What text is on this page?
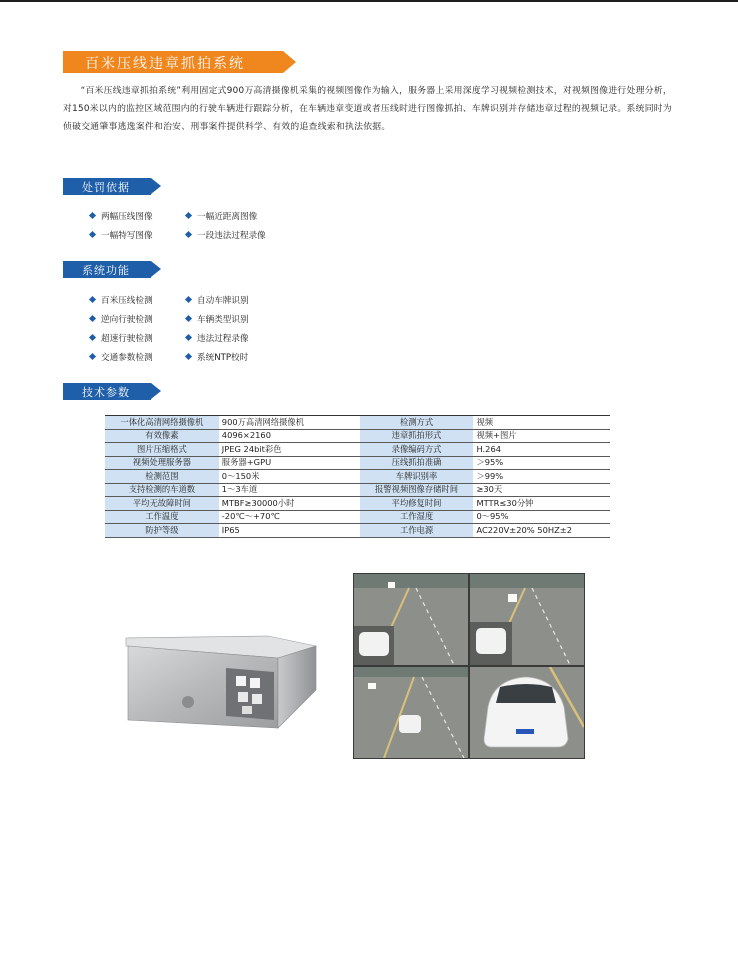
百米压线违章抓拍系统
“百米压线违章抓拍系统”利用固定式900万高清摄像机采集的视频图像作为输入，服务器上采用深度学习视频检测技术，对视频图像进行处理分析，对150米以内的监控区域范围内的行驶车辆进行跟踪分析，在车辆违章变道或者压线时进行图像抓拍、车牌识别并存储违章过程的视频记录。系统同时为侦破交通肇事逃逸案件和治安、刑事案件提供科学、有效的追查线索和执法依据。
处罚依据
两幅压线图像	一幅近距离图像
一幅特写图像	一段违法过程录像
系统功能
百米压线检测	自动车牌识别
逆向行驶检测	车辆类型识别
超速行驶检测	违法过程录像
交通参数检测	系统NTP校时
技术参数
一体化高清网络摄像机	900万高清网络摄像机	检测方式	视频
有效像素	4096×2160	违章抓拍形式	视频+图片
图片压缩格式	JPEG 24bit彩色	录像编码方式	H.264
视频处理服务器	服务器+GPU	压线抓拍准确	＞95%
检测范围	0～150米	车牌识别率	＞99%
支持检测的车道数	1～3车道	报警视频图像存储时间	≥30天
平均无故障时间	MTBF≥30000小时	平均修复时间	MTTR≤30分钟
工作温度	-20℃～+70℃	工作湿度	0～95%
防护等级	IP65	工作电源	AC220V±20% 50HZ±2
